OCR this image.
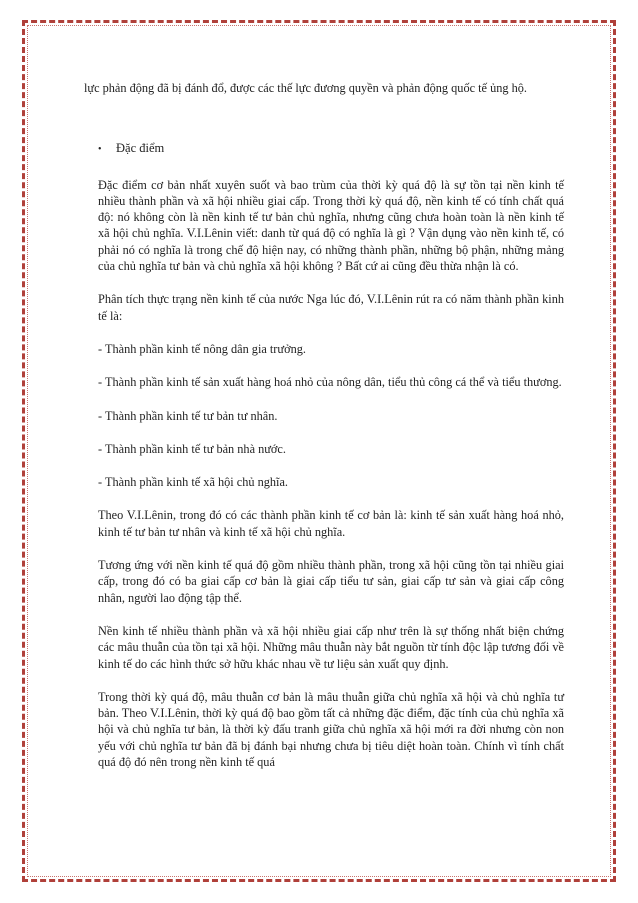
lực phản động đã bị đánh đổ, được các thế lực đương quyền và phản động quốc tế ủng hộ.

•	Đặc điểm

Đặc điểm cơ bản nhất xuyên suốt và bao trùm của thời kỳ quá độ là sự tồn tại nền kinh tế nhiều thành phần và xã hội nhiều giai cấp. Trong thời kỳ quá độ, nền kinh tế có tính chất quá độ: nó không còn là nền kinh tế tư bản chủ nghĩa, nhưng cũng chưa hoàn toàn là nền kinh tế xã hội chủ nghĩa. V.I.Lênin viết: danh từ quá độ có nghĩa là gì ? Vận dụng vào nền kinh tế, có phải nó có nghĩa là trong chế độ hiện nay, có những thành phần, những bộ phận, những mảng của chủ nghĩa tư bản và chủ nghĩa xã hội không ? Bất cứ ai cũng đều thừa nhận là có.

Phân tích thực trạng nền kinh tế của nước Nga lúc đó, V.I.Lênin rút ra có năm thành phần kinh tế là:

- Thành phần kinh tế nông dân gia trưởng.

- Thành phần kinh tế sản xuất hàng hoá nhỏ của nông dân, tiểu thủ công cá thể và tiểu thương.

- Thành phần kinh tế tư bản tư nhân.

- Thành phần kinh tế tư bản nhà nước.

- Thành phần kinh tế xã hội chủ nghĩa.

Theo V.I.Lênin, trong đó có các thành phần kinh tế cơ bản là: kinh tế sản xuất hàng hoá nhỏ, kinh tế tư bản tư nhân và kinh tế xã hội chủ nghĩa.

Tương ứng với nền kinh tế quá độ gồm nhiều thành phần, trong xã hội cũng tồn tại nhiều giai cấp, trong đó có ba giai cấp cơ bản là giai cấp tiểu tư sản, giai cấp tư sản và giai cấp công nhân, người lao động tập thể.

Nền kinh tế nhiều thành phần và xã hội nhiều giai cấp như trên là sự thống nhất biện chứng các mâu thuẫn của tồn tại xã hội. Những mâu thuẫn này bắt nguồn từ tính độc lập tương đối về kinh tế do các hình thức sở hữu khác nhau về tư liệu sản xuất quy định.

Trong thời kỳ quá độ, mâu thuẫn cơ bản là mâu thuẫn giữa chủ nghĩa xã hội và chủ nghĩa tư bản. Theo V.I.Lênin, thời kỳ quá độ bao gồm tất cả những đặc điểm, đặc tính của chủ nghĩa xã hội và chủ nghĩa tư bản, là thời kỳ đấu tranh giữa chủ nghĩa xã hội mới ra đời nhưng còn non yếu với chủ nghĩa tư bản đã bị đánh bại nhưng chưa bị tiêu diệt hoàn toàn. Chính vì tính chất quá độ đó nên trong nền kinh tế quá
